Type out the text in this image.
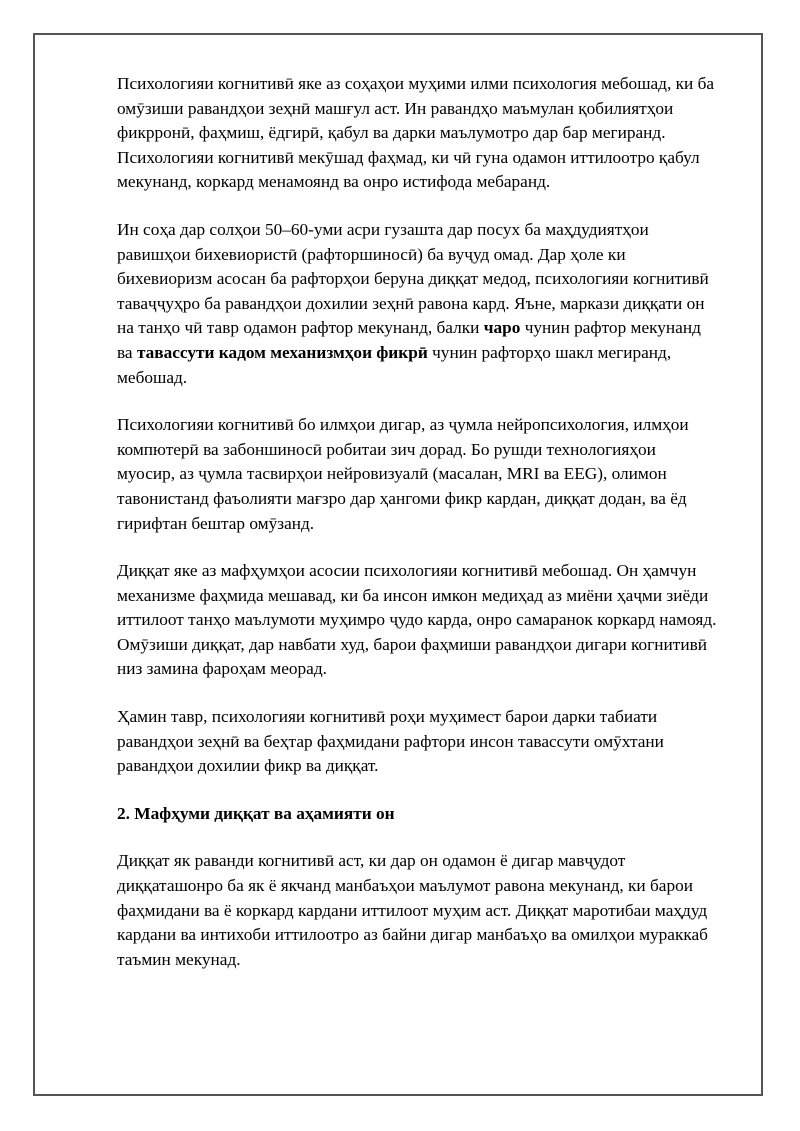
Психологияи когнитивӣ яке аз соҳаҳои муҳими илми психология мебошад, ки ба омӯзиши равандҳои зеҳнӣ машғул аст. Ин равандҳо маъмулан қобилиятҳои фикрронӣ, фаҳмиш, ёдгирӣ, қабул ва дарки маълумотро дар бар мегиранд. Психологияи когнитивӣ мекӯшад фаҳмад, ки чӣ гуна одамон иттилоотро қабул мекунанд, коркард менамоянд ва онро истифода мебаранд.

Ин соҳа дар солҳои 50–60-уми асри гузашта дар посух ба маҳдудиятҳои равишҳои бихевиористӣ (рафторшиносӣ) ба вуҷуд омад. Дар ҳоле ки бихевиоризм асосан ба рафторҳои беруна диққат медод, психологияи когнитивӣ таваҷҷуҳро ба равандҳои дохилии зеҳнӣ равона кард. Яъне, маркази диққати он на танҳо чӣ тавр одамон рафтор мекунанд, балки чаро чунин рафтор мекунанд ва тавассути кадом механизмҳои фикрӣ чунин рафторҳо шакл мегиранд, мебошад.

Психологияи когнитивӣ бо илмҳои дигар, аз ҷумла нейропсихология, илмҳои компютерӣ ва забоншиносӣ робитаи зич дорад. Бо рушди технологияҳои муосир, аз ҷумла тасвирҳои нейровизуалӣ (масалан, MRI ва EEG), олимон тавонистанд фаъолияти мағзро дар ҳангоми фикр кардан, диққат додан, ва ёд гирифтан бештар омӯзанд.

Диққат яке аз мафҳумҳои асосии психологияи когнитивӣ мебошад. Он ҳамчун механизме фаҳмида мешавад, ки ба инсон имкон медиҳад аз миёни ҳаҷми зиёди иттилоот танҳо маълумоти муҳимро ҷудо карда, онро самаранок коркард намояд. Омӯзиши диққат, дар навбати худ, барои фаҳмиши равандҳои дигари когнитивӣ низ замина фароҳам меорад.

Ҳамин тавр, психологияи когнитивӣ роҳи муҳимест барои дарки табиати равандҳои зеҳнӣ ва беҳтар фаҳмидани рафтори инсон тавассути омӯхтани равандҳои дохилии фикр ва диққат.

2. Мафҳуми диққат ва аҳамияти он

Диққат як раванди когнитивӣ аст, ки дар он одамон ё дигар мавҷудот диққаташонро ба як ё якчанд манбаъҳои маълумот равона мекунанд, ки барои фаҳмидани ва ё коркард кардани иттилоот муҳим аст. Диққат маротибаи маҳдуд кардани ва интихоби иттилоотро аз байни дигар манбаъҳо ва омилҳои мураккаб таъмин мекунад.
